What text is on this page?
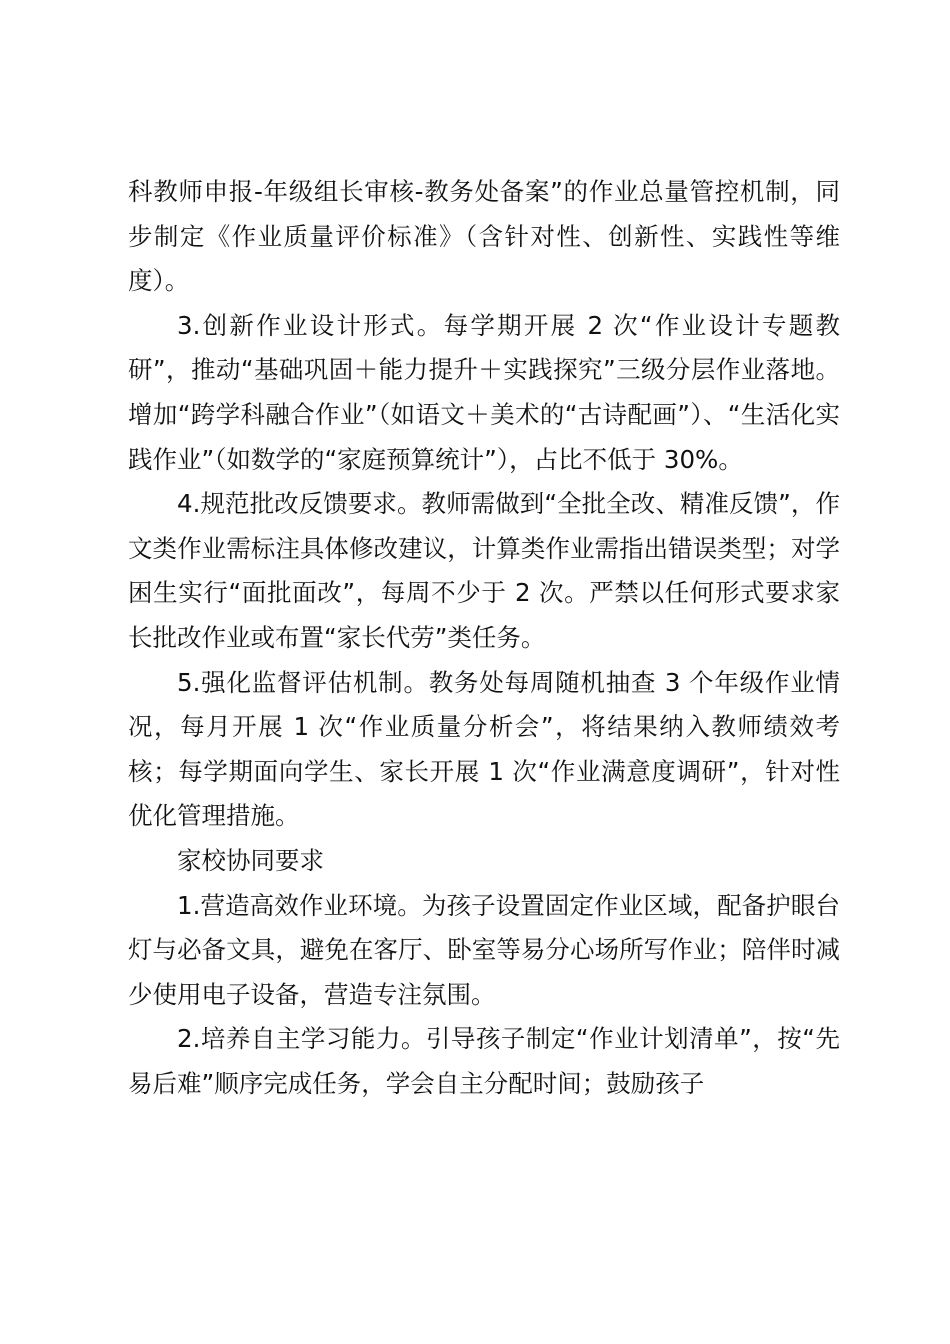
科教师申报-年级组长审核-教务处备案”的作业总量管控机制，同步制定《作业质量评价标准》（含针对性、创新性、实践性等维度）。

3.创新作业设计形式。每学期开展 2 次“作业设计专题教研”，推动“基础巩固＋能力提升＋实践探究”三级分层作业落地。增加“跨学科融合作业”（如语文＋美术的“古诗配画”）、“生活化实践作业”（如数学的“家庭预算统计”），占比不低于 30%。

4.规范批改反馈要求。教师需做到“全批全改、精准反馈”，作文类作业需标注具体修改建议，计算类作业需指出错误类型；对学困生实行“面批面改”，每周不少于 2 次。严禁以任何形式要求家长批改作业或布置“家长代劳”类任务。

5.强化监督评估机制。教务处每周随机抽查 3 个年级作业情况，每月开展 1 次“作业质量分析会”，将结果纳入教师绩效考核；每学期面向学生、家长开展 1 次“作业满意度调研”，针对性优化管理措施。

家校协同要求

1.营造高效作业环境。为孩子设置固定作业区域，配备护眼台灯与必备文具，避免在客厅、卧室等易分心场所写作业；陪伴时减少使用电子设备，营造专注氛围。

2.培养自主学习能力。引导孩子制定“作业计划清单”，按“先易后难”顺序完成任务，学会自主分配时间；鼓励孩子
